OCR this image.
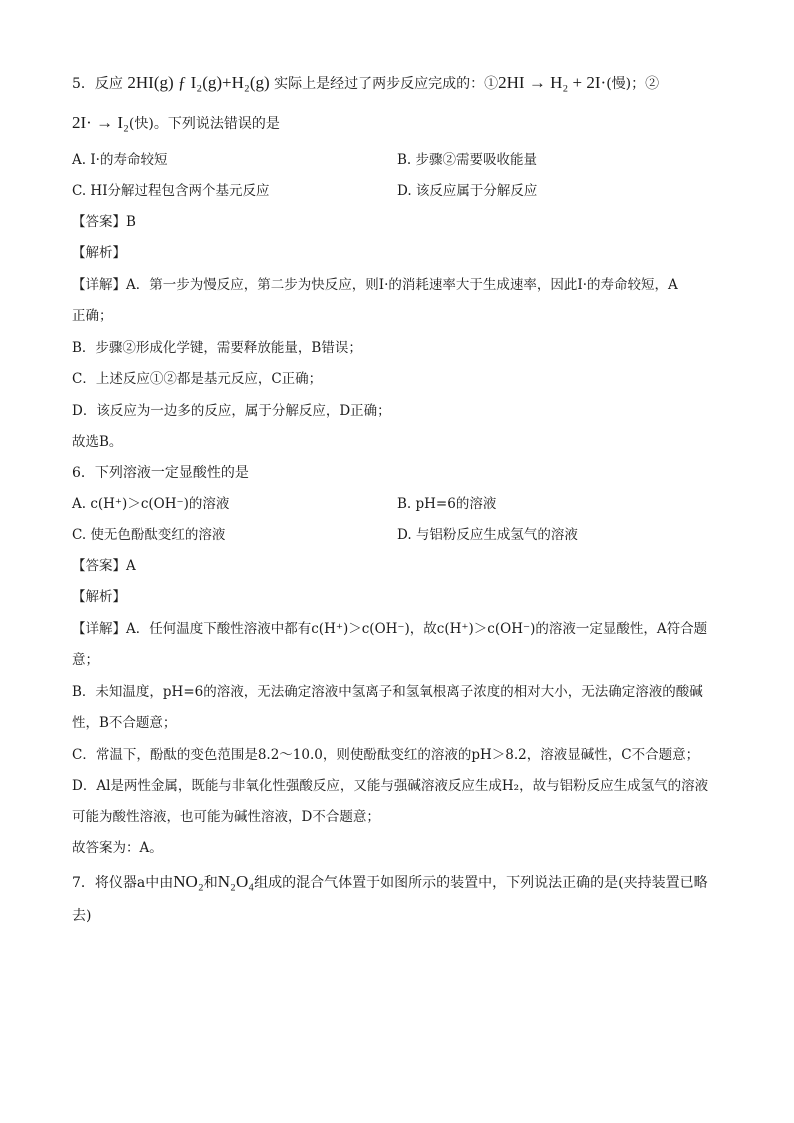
5．反应 2HI(g) ƒ I₂(g)+H₂(g) 实际上是经过了两步反应完成的：①2HI → H₂ + 2I·(慢)；②
2I· → I₂(快)。下列说法错误的是
A. I·的寿命较短	B. 步骤②需要吸收能量
C. HI分解过程包含两个基元反应	D. 该反应属于分解反应
【答案】B
【解析】
【详解】A．第一步为慢反应，第二步为快反应，则I·的消耗速率大于生成速率，因此I·的寿命较短，A
正确；
B．步骤②形成化学键，需要释放能量，B错误；
C．上述反应①②都是基元反应，C正确；
D．该反应为一边多的反应，属于分解反应，D正确；
故选B。
6．下列溶液一定显酸性的是
A. c(H⁺)＞c(OH⁻)的溶液	B. pH=6的溶液
C. 使无色酚酞变红的溶液	D. 与铝粉反应生成氢气的溶液
【答案】A
【解析】
【详解】A．任何温度下酸性溶液中都有c(H⁺)＞c(OH⁻)，故c(H⁺)＞c(OH⁻)的溶液一定显酸性，A符合题
意；
B．未知温度，pH=6的溶液，无法确定溶液中氢离子和氢氧根离子浓度的相对大小，无法确定溶液的酸碱
性，B不合题意；
C．常温下，酚酞的变色范围是8.2～10.0，则使酚酞变红的溶液的pH＞8.2，溶液显碱性，C不合题意；
D．Al是两性金属，既能与非氧化性强酸反应，又能与强碱溶液反应生成H₂，故与铝粉反应生成氢气的溶液
可能为酸性溶液，也可能为碱性溶液，D不合题意；
故答案为：A。
7．将仪器a中由NO₂和N₂O₄组成的混合气体置于如图所示的装置中，下列说法正确的是(夹持装置已略
去)
